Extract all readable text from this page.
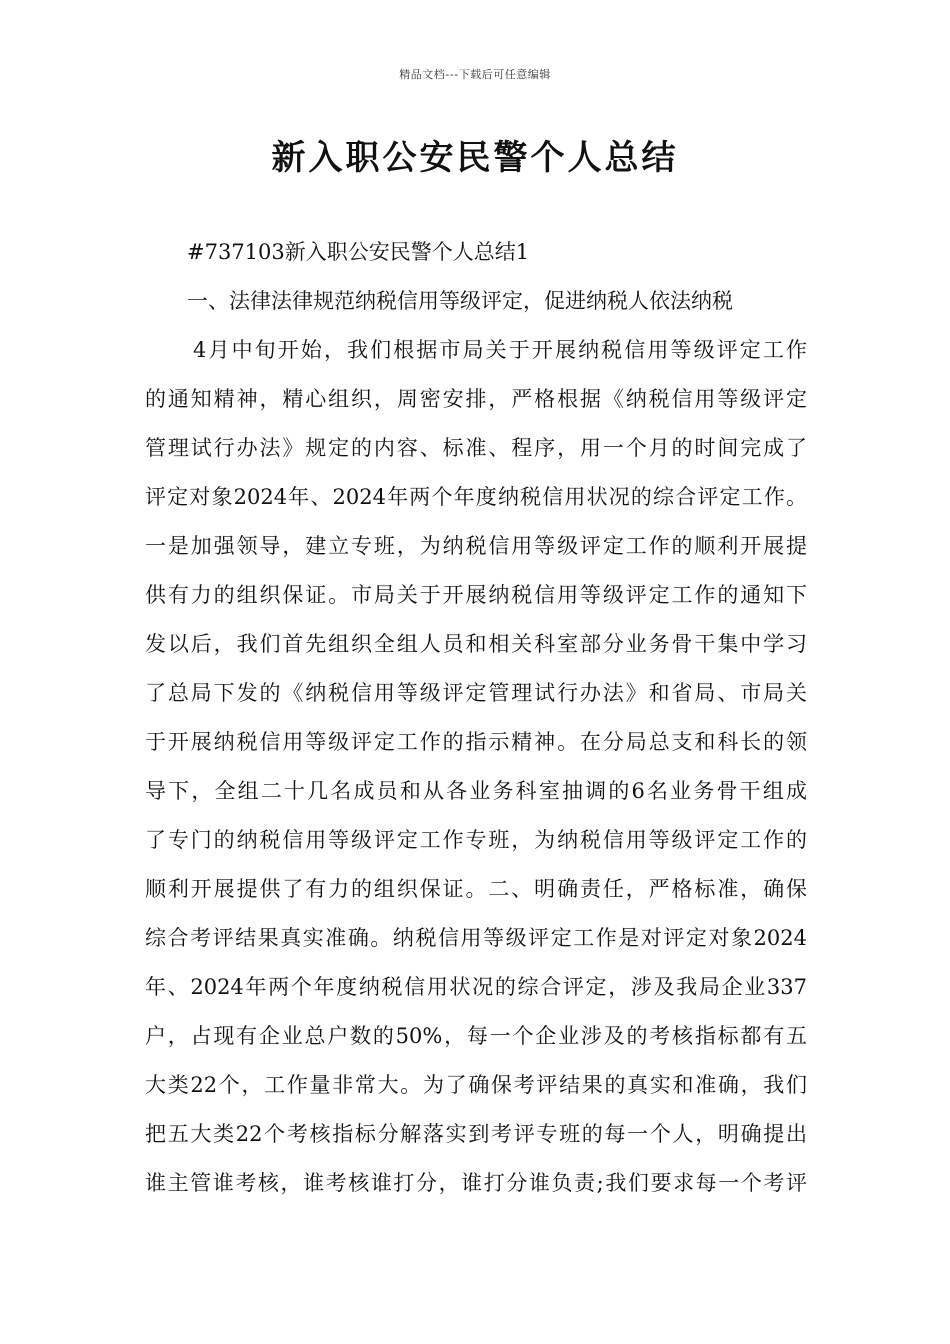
精品文档---下载后可任意编辑
新入职公安民警个人总结
#737103新入职公安民警个人总结1
一、法律法律规范纳税信用等级评定，促进纳税人依法纳税
4月中旬开始，我们根据市局关于开展纳税信用等级评定工作
的通知精神，精心组织，周密安排，严格根据《纳税信用等级评定
管理试行办法》规定的内容、标准、程序，用一个月的时间完成了
评定对象2024年、2024年两个年度纳税信用状况的综合评定工作。
一是加强领导，建立专班，为纳税信用等级评定工作的顺利开展提
供有力的组织保证。市局关于开展纳税信用等级评定工作的通知下
发以后，我们首先组织全组人员和相关科室部分业务骨干集中学习
了总局下发的《纳税信用等级评定管理试行办法》和省局、市局关
于开展纳税信用等级评定工作的指示精神。在分局总支和科长的领
导下，全组二十几名成员和从各业务科室抽调的6名业务骨干组成
了专门的纳税信用等级评定工作专班，为纳税信用等级评定工作的
顺利开展提供了有力的组织保证。二、明确责任，严格标准，确保
综合考评结果真实准确。纳税信用等级评定工作是对评定对象2024
年、2024年两个年度纳税信用状况的综合评定，涉及我局企业337
户，占现有企业总户数的50%，每一个企业涉及的考核指标都有五
大类22个，工作量非常大。为了确保考评结果的真实和准确，我们
把五大类22个考核指标分解落实到考评专班的每一个人，明确提出
谁主管谁考核，谁考核谁打分，谁打分谁负责;我们要求每一个考评
